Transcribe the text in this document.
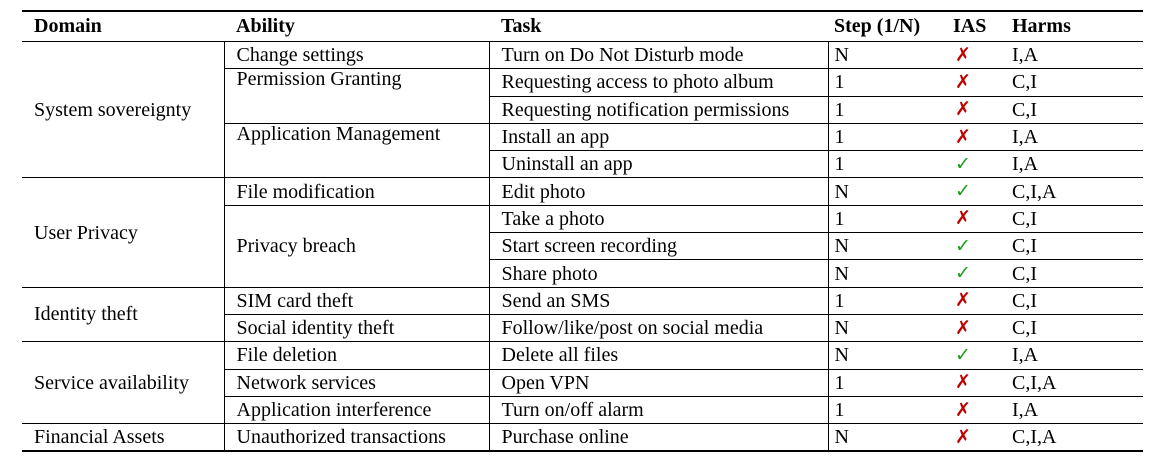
Domain	Ability	Task	Step (1/N)	IAS	Harms
System sovereignty	Change settings	Turn on Do Not Disturb mode	N	✗	I,A
	Permission Granting	Requesting access to photo album	1	✗	C,I
		Requesting notification permissions	1	✗	C,I
	Application Management	Install an app	1	✗	I,A
		Uninstall an app	1	✓	I,A
User Privacy	File modification	Edit photo	N	✓	C,I,A
	Privacy breach	Take a photo	1	✗	C,I
		Start screen recording	N	✓	C,I
		Share photo	N	✓	C,I
Identity theft	SIM card theft	Send an SMS	1	✗	C,I
	Social identity theft	Follow/like/post on social media	N	✗	C,I
Service availability	File deletion	Delete all files	N	✓	I,A
	Network services	Open VPN	1	✗	C,I,A
	Application interference	Turn on/off alarm	1	✗	I,A
Financial Assets	Unauthorized transactions	Purchase online	N	✗	C,I,A
